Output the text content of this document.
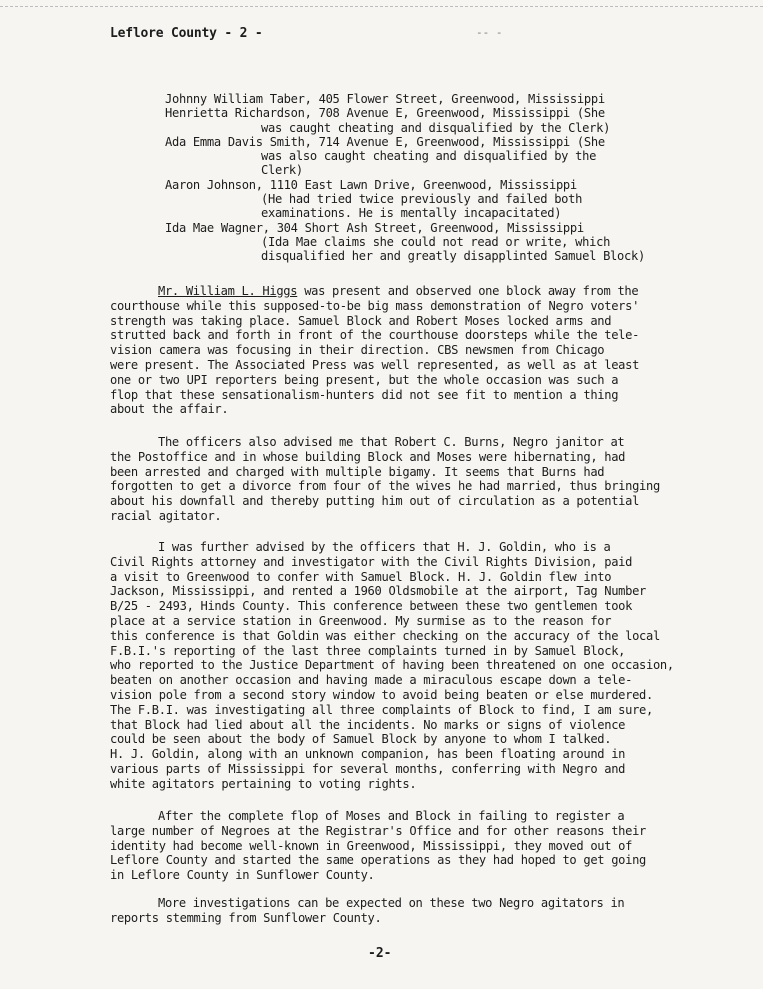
Leflore County - 2 -	-- -
Johnny William Taber, 405 Flower Street, Greenwood, Mississippi
Henrietta Richardson, 708 Avenue E, Greenwood, Mississippi (She
was caught cheating and disqualified by the Clerk)
Ada Emma Davis Smith, 714 Avenue E, Greenwood, Mississippi (She
was also caught cheating and disqualified by the
Clerk)
Aaron Johnson, 1110 East Lawn Drive, Greenwood, Mississippi
(He had tried twice previously and failed both
examinations. He is mentally incapacitated)
Ida Mae Wagner, 304 Short Ash Street, Greenwood, Mississippi
(Ida Mae claims she could not read or write, which
disqualified her and greatly disapplinted Samuel Block)
Mr. William L. Higgs was present and observed one block away from the
courthouse while this supposed-to-be big mass demonstration of Negro voters'
strength was taking place. Samuel Block and Robert Moses locked arms and
strutted back and forth in front of the courthouse doorsteps while the tele-
vision camera was focusing in their direction. CBS newsmen from Chicago
were present. The Associated Press was well represented, as well as at least
one or two UPI reporters being present, but the whole occasion was such a
flop that these sensationalism-hunters did not see fit to mention a thing
about the affair.
The officers also advised me that Robert C. Burns, Negro janitor at
the Postoffice and in whose building Block and Moses were hibernating, had
been arrested and charged with multiple bigamy. It seems that Burns had
forgotten to get a divorce from four of the wives he had married, thus bringing
about his downfall and thereby putting him out of circulation as a potential
racial agitator.
I was further advised by the officers that H. J. Goldin, who is a
Civil Rights attorney and investigator with the Civil Rights Division, paid
a visit to Greenwood to confer with Samuel Block. H. J. Goldin flew into
Jackson, Mississippi, and rented a 1960 Oldsmobile at the airport, Tag Number
B/25 - 2493, Hinds County. This conference between these two gentlemen took
place at a service station in Greenwood. My surmise as to the reason for
this conference is that Goldin was either checking on the accuracy of the local
F.B.I.'s reporting of the last three complaints turned in by Samuel Block,
who reported to the Justice Department of having been threatened on one occasion,
beaten on another occasion and having made a miraculous escape down a tele-
vision pole from a second story window to avoid being beaten or else murdered.
The F.B.I. was investigating all three complaints of Block to find, I am sure,
that Block had lied about all the incidents. No marks or signs of violence
could be seen about the body of Samuel Block by anyone to whom I talked.
H. J. Goldin, along with an unknown companion, has been floating around in
various parts of Mississippi for several months, conferring with Negro and
white agitators pertaining to voting rights.
After the complete flop of Moses and Block in failing to register a
large number of Negroes at the Registrar's Office and for other reasons their
identity had become well-known in Greenwood, Mississippi, they moved out of
Leflore County and started the same operations as they had hoped to get going
in Leflore County in Sunflower County.
More investigations can be expected on these two Negro agitators in
reports stemming from Sunflower County.
-2-
